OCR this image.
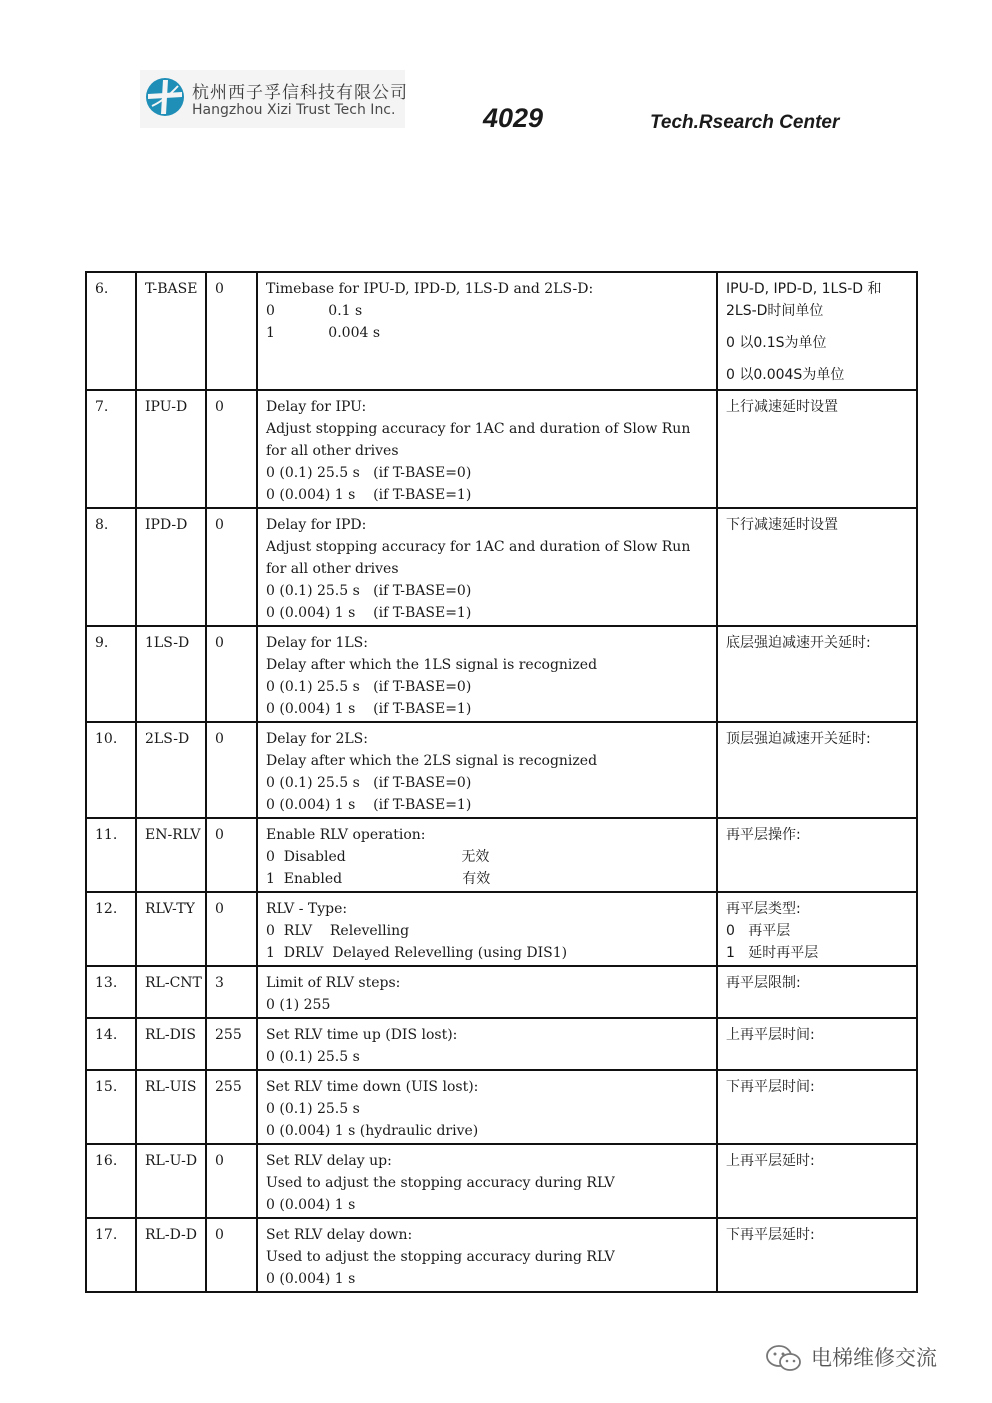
杭州西子孚信科技有限公司
Hangzhou Xizi Trust Tech Inc.	4029	Tech.Rsearch Center
6.	T-BASE	0	Timebase for IPU-D, IPD-D, 1LS-D and 2LS-D:
0            0.1 s
1            0.004 s	IPU-D, IPD-D, 1LS-D 和
2LS-D时间单位
0 以0.1S为单位
0 以0.004S为单位

7.	IPU-D	0	Delay for IPU:
Adjust stopping accuracy for 1AC and duration of Slow Run
for all other drives
0 (0.1) 25.5 s   (if T-BASE=0)
0 (0.004) 1 s    (if T-BASE=1)	上行减速延时设置

8.	IPD-D	0	Delay for IPD:
Adjust stopping accuracy for 1AC and duration of Slow Run
for all other drives
0 (0.1) 25.5 s   (if T-BASE=0)
0 (0.004) 1 s    (if T-BASE=1)	下行减速延时设置

9.	1LS-D	0	Delay for 1LS:
Delay after which the 1LS signal is recognized
0 (0.1) 25.5 s   (if T-BASE=0)
0 (0.004) 1 s    (if T-BASE=1)	底层强迫减速开关延时:

10.	2LS-D	0	Delay for 2LS:
Delay after which the 2LS signal is recognized
0 (0.1) 25.5 s   (if T-BASE=0)
0 (0.004) 1 s    (if T-BASE=1)	顶层强迫减速开关延时:

11.	EN-RLV	0	Enable RLV operation:
0  Disabled                          无效
1  Enabled                           有效	再平层操作:

12.	RLV-TY	0	RLV - Type:
0  RLV    Relevelling
1  DRLV  Delayed Relevelling (using DIS1)	再平层类型:
0   再平层
1   延时再平层

13.	RL-CNT	3	Limit of RLV steps:
0 (1) 255	再平层限制:

14.	RL-DIS	255	Set RLV time up (DIS lost):
0 (0.1) 25.5 s	上再平层时间:

15.	RL-UIS	255	Set RLV time down (UIS lost):
0 (0.1) 25.5 s
0 (0.004) 1 s (hydraulic drive)	下再平层时间:

16.	RL-U-D	0	Set RLV delay up:
Used to adjust the stopping accuracy during RLV
0 (0.004) 1 s	上再平层延时:

17.	RL-D-D	0	Set RLV delay down:
Used to adjust the stopping accuracy during RLV
0 (0.004) 1 s	下再平层延时:
电梯维修交流
